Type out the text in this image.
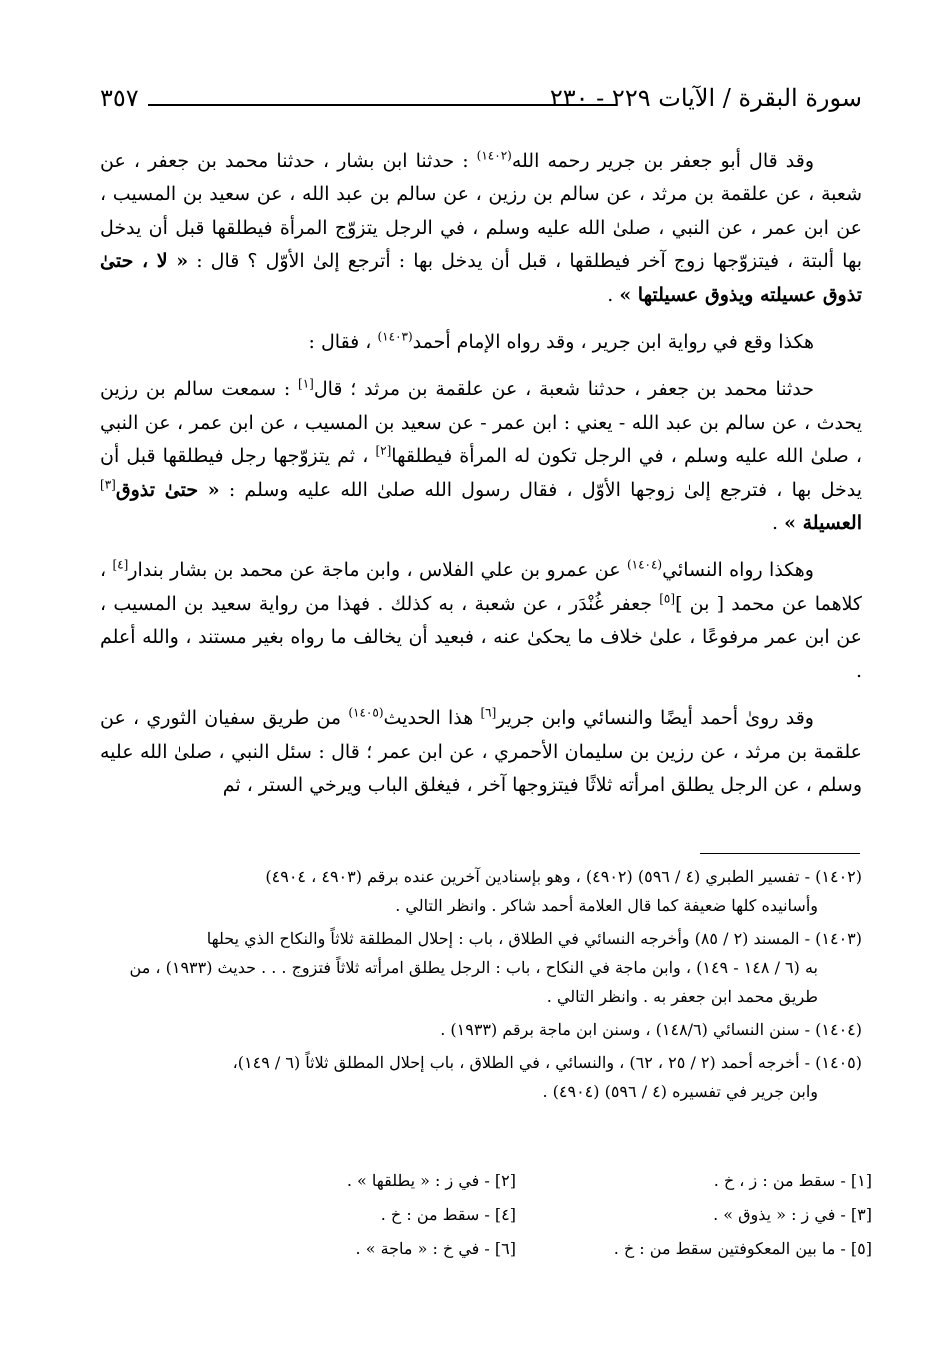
سورة البقرة / الآيات ٢٢٩ - ٢٣٠
٣٥٧

وقد قال أبو جعفر بن جرير رحمه الله$^{(١٤٠٢)}$ : حدثنا ابن بشار ، حدثنا محمد بن جعفر ، عن شعبة ، عن علقمة بن مرثد ، عن سالم بن رزين ، عن سالم بن عبد الله ، عن سعيد بن المسيب ، عن ابن عمر ، عن النبي ، صلىٰ الله عليه وسلم ، في الرجل يتزوّج المرأة فيطلقها قبل أن يدخل بها ألبتة ، فيتزوّجها زوج آخر فيطلقها ، قبل أن يدخل بها : أترجع إلىٰ الأوّل ؟ قال : « لا ، حتىٰ تذوق عسيلته ويذوق عسيلتها » .

هكذا وقع في رواية ابن جرير ، وقد رواه الإمام أحمد$^{(١٤٠٣)}$ ، فقال :

حدثنا محمد بن جعفر ، حدثنا شعبة ، عن علقمة بن مرثد ؛ قال[١] : سمعت سالم بن رزين يحدث ، عن سالم بن عبد الله - يعني : ابن عمر - عن سعيد بن المسيب ، عن ابن عمر ، عن النبي ، صلىٰ الله عليه وسلم ، في الرجل تكون له المرأة فيطلقها[٢] ، ثم يتزوّجها رجل فيطلقها قبل أن يدخل بها ، فترجع إلىٰ زوجها الأوّل ، فقال رسول الله صلىٰ الله عليه وسلم : « حتىٰ تذوق[٣] العسيلة » .

وهكذا رواه النسائي$^{(١٤٠٤)}$ عن عمرو بن علي الفلاس ، وابن ماجة عن محمد بن بشار بندار[٤] ، كلاهما عن محمد [ بن ][٥] جعفر غُنْدَر ، عن شعبة ، به كذلك . فهذا من رواية سعيد بن المسيب ، عن ابن عمر مرفوعًا ، علىٰ خلاف ما يحكىٰ عنه ، فبعيد أن يخالف ما رواه بغير مستند ، والله أعلم .

وقد روىٰ أحمد أيضًا والنسائي وابن جرير[٦] هذا الحديث$^{(١٤٠٥)}$ من طريق سفيان الثوري ، عن علقمة بن مرثد ، عن رزين بن سليمان الأحمري ، عن ابن عمر ؛ قال : سئل النبي ، صلىٰ الله عليه وسلم ، عن الرجل يطلق امرأته ثلاثًا فيتزوجها آخر ، فيغلق الباب ويرخي الستر ، ثم

(١٤٠٢) - تفسير الطبري (٤ / ٥٩٦) (٤٩٠٢) ، وهو بإسنادين آخرين عنده برقم (٤٩٠٣ ، ٤٩٠٤)
وأسانيده كلها ضعيفة كما قال العلامة أحمد شاكر . وانظر التالي .
(١٤٠٣) - المسند (٢ / ٨٥) وأخرجه النسائي في الطلاق ، باب : إحلال المطلقة ثلاثاً والنكاح الذي يحلها
به (٦ / ١٤٨ - ١٤٩) ، وابن ماجة في النكاح ، باب : الرجل يطلق امرأته ثلاثاً فتزوج . . . حديث (١٩٣٣) ، من طريق محمد ابن جعفر به . وانظر التالي .
(١٤٠٤) - سنن النسائي (١٤٨/٦) ، وسنن ابن ماجة برقم (١٩٣٣) .
(١٤٠٥) - أخرجه أحمد (٢ / ٢٥ ، ٦٢) ، والنسائي ، في الطلاق ، باب إحلال المطلق ثلاثاً (٦ / ١٤٩)،
وابن جرير في تفسيره (٤ / ٥٩٦) (٤٩٠٤) .
[١] - سقط من : ز ، خ .
[٢] - في ز : « يطلقها » .
[٣] - في ز : « يذوق » .
[٤] - سقط من : خ .
[٥] - ما بين المعكوفتين سقط من : خ .
[٦] - في خ : « ماجة » .
